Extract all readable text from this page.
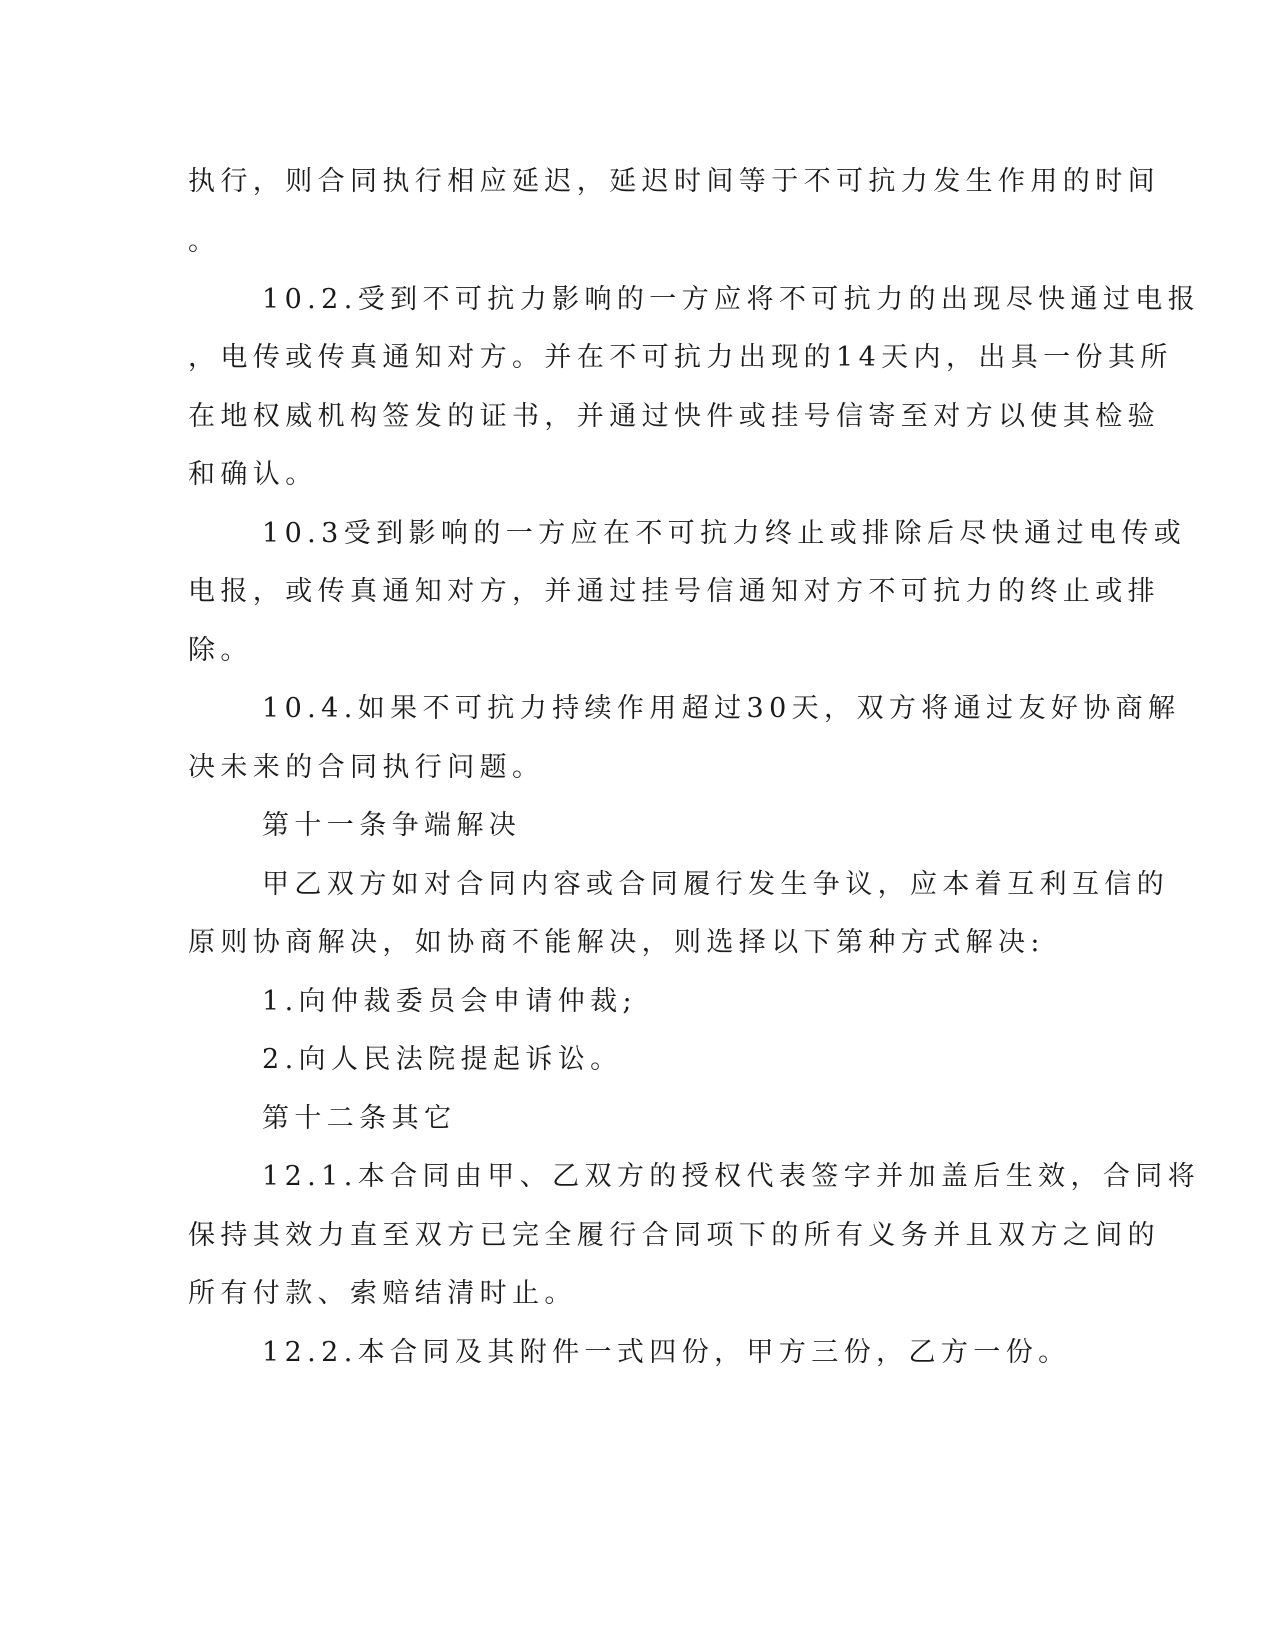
执行，则合同执行相应延迟，延迟时间等于不可抗力发生作用的时间
。
10.2.受到不可抗力影响的一方应将不可抗力的出现尽快通过电报
，电传或传真通知对方。并在不可抗力出现的14天内，出具一份其所
在地权威机构签发的证书，并通过快件或挂号信寄至对方以使其检验
和确认。
10.3受到影响的一方应在不可抗力终止或排除后尽快通过电传或
电报，或传真通知对方，并通过挂号信通知对方不可抗力的终止或排
除。
10.4.如果不可抗力持续作用超过30天，双方将通过友好协商解
决未来的合同执行问题。
第十一条争端解决
甲乙双方如对合同内容或合同履行发生争议，应本着互利互信的
原则协商解决，如协商不能解决，则选择以下第种方式解决:
1.向仲裁委员会申请仲裁;
2.向人民法院提起诉讼。
第十二条其它
12.1.本合同由甲、乙双方的授权代表签字并加盖后生效，合同将
保持其效力直至双方已完全履行合同项下的所有义务并且双方之间的
所有付款、索赔结清时止。
12.2.本合同及其附件一式四份，甲方三份，乙方一份。
